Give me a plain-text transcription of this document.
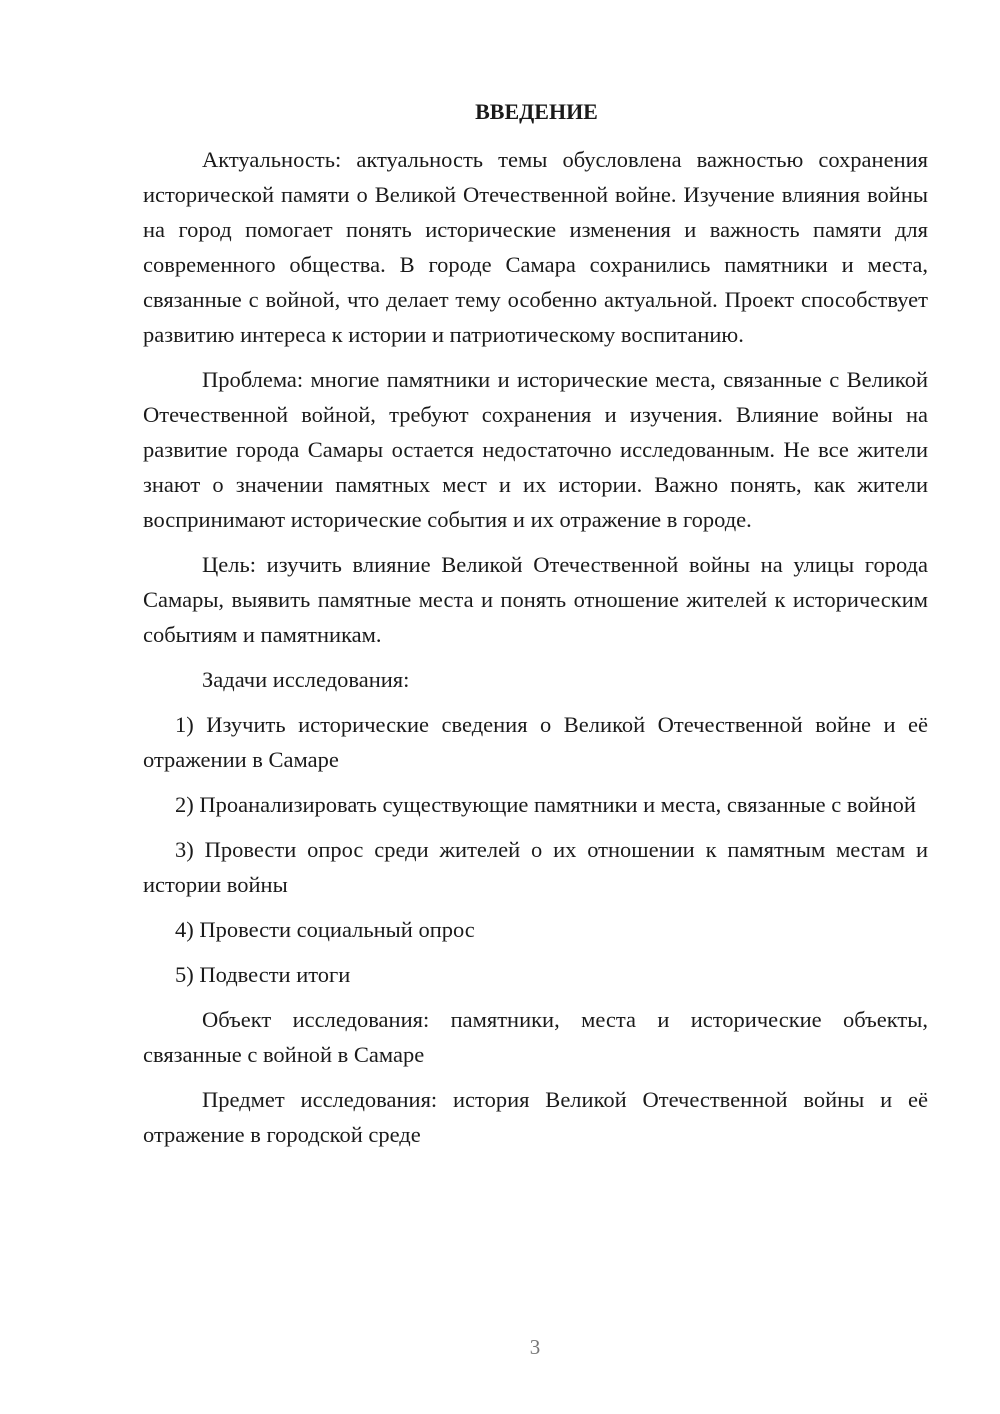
ВВЕДЕНИЕ

Актуальность: актуальность темы обусловлена важностью сохранения исторической памяти о Великой Отечественной войне. Изучение влияния войны на город помогает понять исторические изменения и важность памяти для современного общества. В городе Самара сохранились памятники и места, связанные с войной, что делает тему особенно актуальной. Проект способствует развитию интереса к истории и патриотическому воспитанию.

Проблема: многие памятники и исторические места, связанные с Великой Отечественной войной, требуют сохранения и изучения. Влияние войны на развитие города Самары остается недостаточно исследованным. Не все жители знают о значении памятных мест и их истории. Важно понять, как жители воспринимают исторические события и их отражение в городе.

Цель: изучить влияние Великой Отечественной войны на улицы города Самары, выявить памятные места и понять отношение жителей к историческим событиям и памятникам.

Задачи исследования:

1) Изучить исторические сведения о Великой Отечественной войне и её отражении в Самаре

2) Проанализировать существующие памятники и места, связанные с войной

3) Провести опрос среди жителей о их отношении к памятным местам и истории войны

4) Провести социальный опрос

5) Подвести итоги

Объект исследования: памятники, места и исторические объекты, связанные с войной в Самаре

Предмет исследования: история Великой Отечественной войны и её отражение в городской среде

3
